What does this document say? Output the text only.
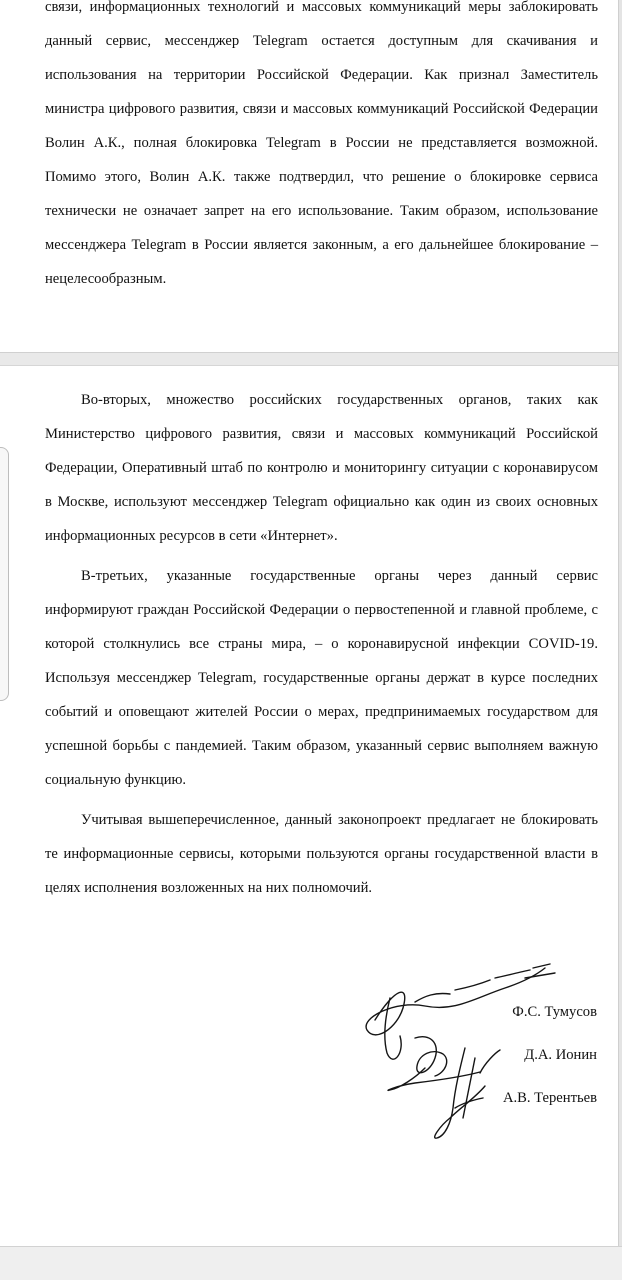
связи, информационных технологий и массовых коммуникаций меры заблокировать данный сервис, мессенджер Telegram остается доступным для скачивания и использования на территории Российской Федерации. Как признал Заместитель министра цифрового развития, связи и массовых коммуникаций Российской Федерации Волин А.К., полная блокировка Telegram в России не представляется возможной. Помимо этого, Волин А.К. также подтвердил, что решение о блокировке сервиса технически не означает запрет на его использование. Таким образом, использование мессенджера Telegram в России является законным, а его дальнейшее блокирование – нецелесообразным.

Во-вторых, множество российских государственных органов, таких как Министерство цифрового развития, связи и массовых коммуникаций Российской Федерации, Оперативный штаб по контролю и мониторингу ситуации с коронавирусом в Москве, используют мессенджер Telegram официально как один из своих основных информационных ресурсов в сети «Интернет».

В-третьих, указанные государственные органы через данный сервис информируют граждан Российской Федерации о первостепенной и главной проблеме, с которой столкнулись все страны мира, – о коронавирусной инфекции COVID-19. Используя мессенджер Telegram, государственные органы держат в курсе последних событий и оповещают жителей России о мерах, предпринимаемых государством для успешной борьбы с пандемией. Таким образом, указанный сервис выполняем важную социальную функцию.

Учитывая вышеперечисленное, данный законопроект предлагает не блокировать те информационные сервисы, которыми пользуются органы государственной власти в целях исполнения возложенных на них полномочий.

Ф.С. Тумусов
Д.А. Ионин
А.В. Терентьев
